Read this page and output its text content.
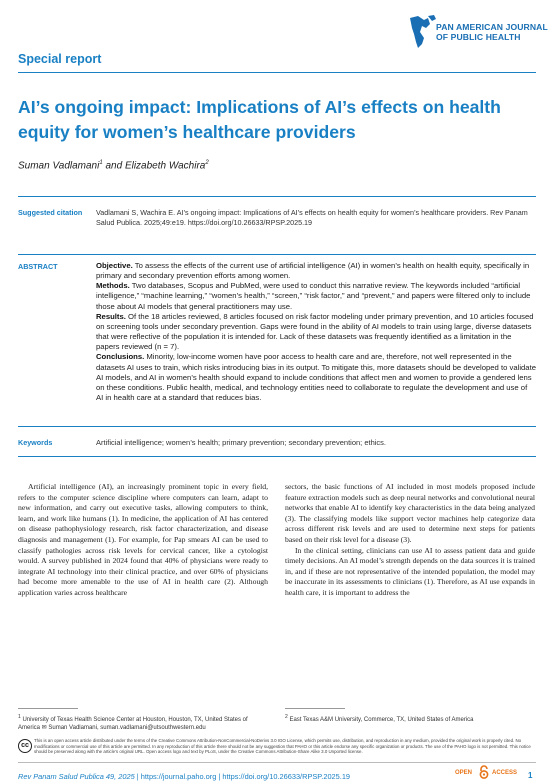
PAN AMERICAN JOURNAL
OF PUBLIC HEALTH
Special report
AI’s ongoing impact: Implications of AI’s effects on health equity for women’s healthcare providers
Suman Vadlamani$^1$ and Elizabeth Wachira$^2$
Suggested citation Vadlamani S, Wachira E. AI’s ongoing impact: Implications of AI’s effects on health equity for women’s healthcare providers. Rev Panam Salud Publica. 2025;49:e19. https://doi.org/10.26633/RPSP.2025.19
ABSTRACT	Objective. To assess the effects of the current use of artificial intelligence (AI) in women’s health on health equity, specifically in primary and secondary prevention efforts among women.

Methods. Two databases, Scopus and PubMed, were used to conduct this narrative review. The keywords included “artificial intelligence,” “machine learning,” “women’s health,” “screen,” “risk factor,” and “prevent,” and papers were filtered only to include those about AI models that general practitioners may use.

Results. Of the 18 articles reviewed, 8 articles focused on risk factor modeling under primary prevention, and 10 articles focused on screening tools under secondary prevention. Gaps were found in the ability of AI models to train using large, diverse datasets that were reflective of the population it is intended for. Lack of these datasets was frequently identified as a limitation in the papers reviewed (n = 7).

Conclusions. Minority, low-income women have poor access to health care and are, therefore, not well represented in the datasets AI uses to train, which risks introducing bias in its output. To mitigate this, more datasets should be developed to validate AI models, and AI in women’s health should expand to include conditions that affect men and women to provide a gendered lens on these conditions. Public health, medical, and technology entities need to collaborate to regulate the development and use of AI in health care at a standard that reduces bias.

Keywords	Artificial intelligence; women’s health; primary prevention; secondary prevention; ethics.

Artificial intelligence (AI), an increasingly prominent topic in every field, refers to the computer science discipline where computers can learn, adapt to new information, and carry out executive tasks, allowing computers to think, learn, and work like humans (1). In medicine, the application of AI has centered on disease pathophysiology research, risk factor characterization, and disease diagnosis and management (1). For example, for Pap smears AI can be used to classify pathologies across risk levels for cervical cancer, like a cytologist would. A survey published in 2024 found that 40% of physicians were ready to integrate AI technology into their clinical practice, and over 60% of physicians had become more amenable to the use of AI in health care (2). Although application varies across healthcare

sectors, the basic functions of AI included in most models proposed include feature extraction models such as deep neural networks and convolutional neural networks that enable AI to identify key characteristics in the data being analyzed (3). The classifying models like support vector machines help categorize data across different risk levels and are used to determine next steps for patients based on their risk level for a disease (3).

In the clinical setting, clinicians can use AI to assess patient data and guide timely decisions. An AI model’s strength depends on the data sources it is trained in, and if these are not representative of the intended population, the model may be inaccurate in its assessments to clinicians (1). Therefore, as AI use expands in health care, it is important to address the

$^1$ University of Texas Health Science Center at Houston, Houston, TX, United States of America ✉ Suman Vadlamani, suman.vadlamani@utsouthwestern.edu
$^2$ East Texas A&M University, Commerce, TX, United States of America
cc
This is an open access article distributed under the terms of the Creative Commons Attribution-NonCommercial-NoDerivs 3.0 IGO License, which permits use, distribution, and reproduction in any medium, provided the original work is properly cited. No modifications or commercial use of this article are permitted. In any reproduction of this article there should not be any suggestion that PAHO or this article endorse any specific organization or products. The use of the PAHO logo is not permitted. This notice should be preserved along with the article’s original URL. Open access logo and text by PLoS, under the Creative Commons Attribution-Share Alike 3.0 Unported license.
Rev Panam Salud Publica 49, 2025 | https://journal.paho.org | https://doi.org/10.26633/RPSP.2025.19	OPEN	ACCESS 1
